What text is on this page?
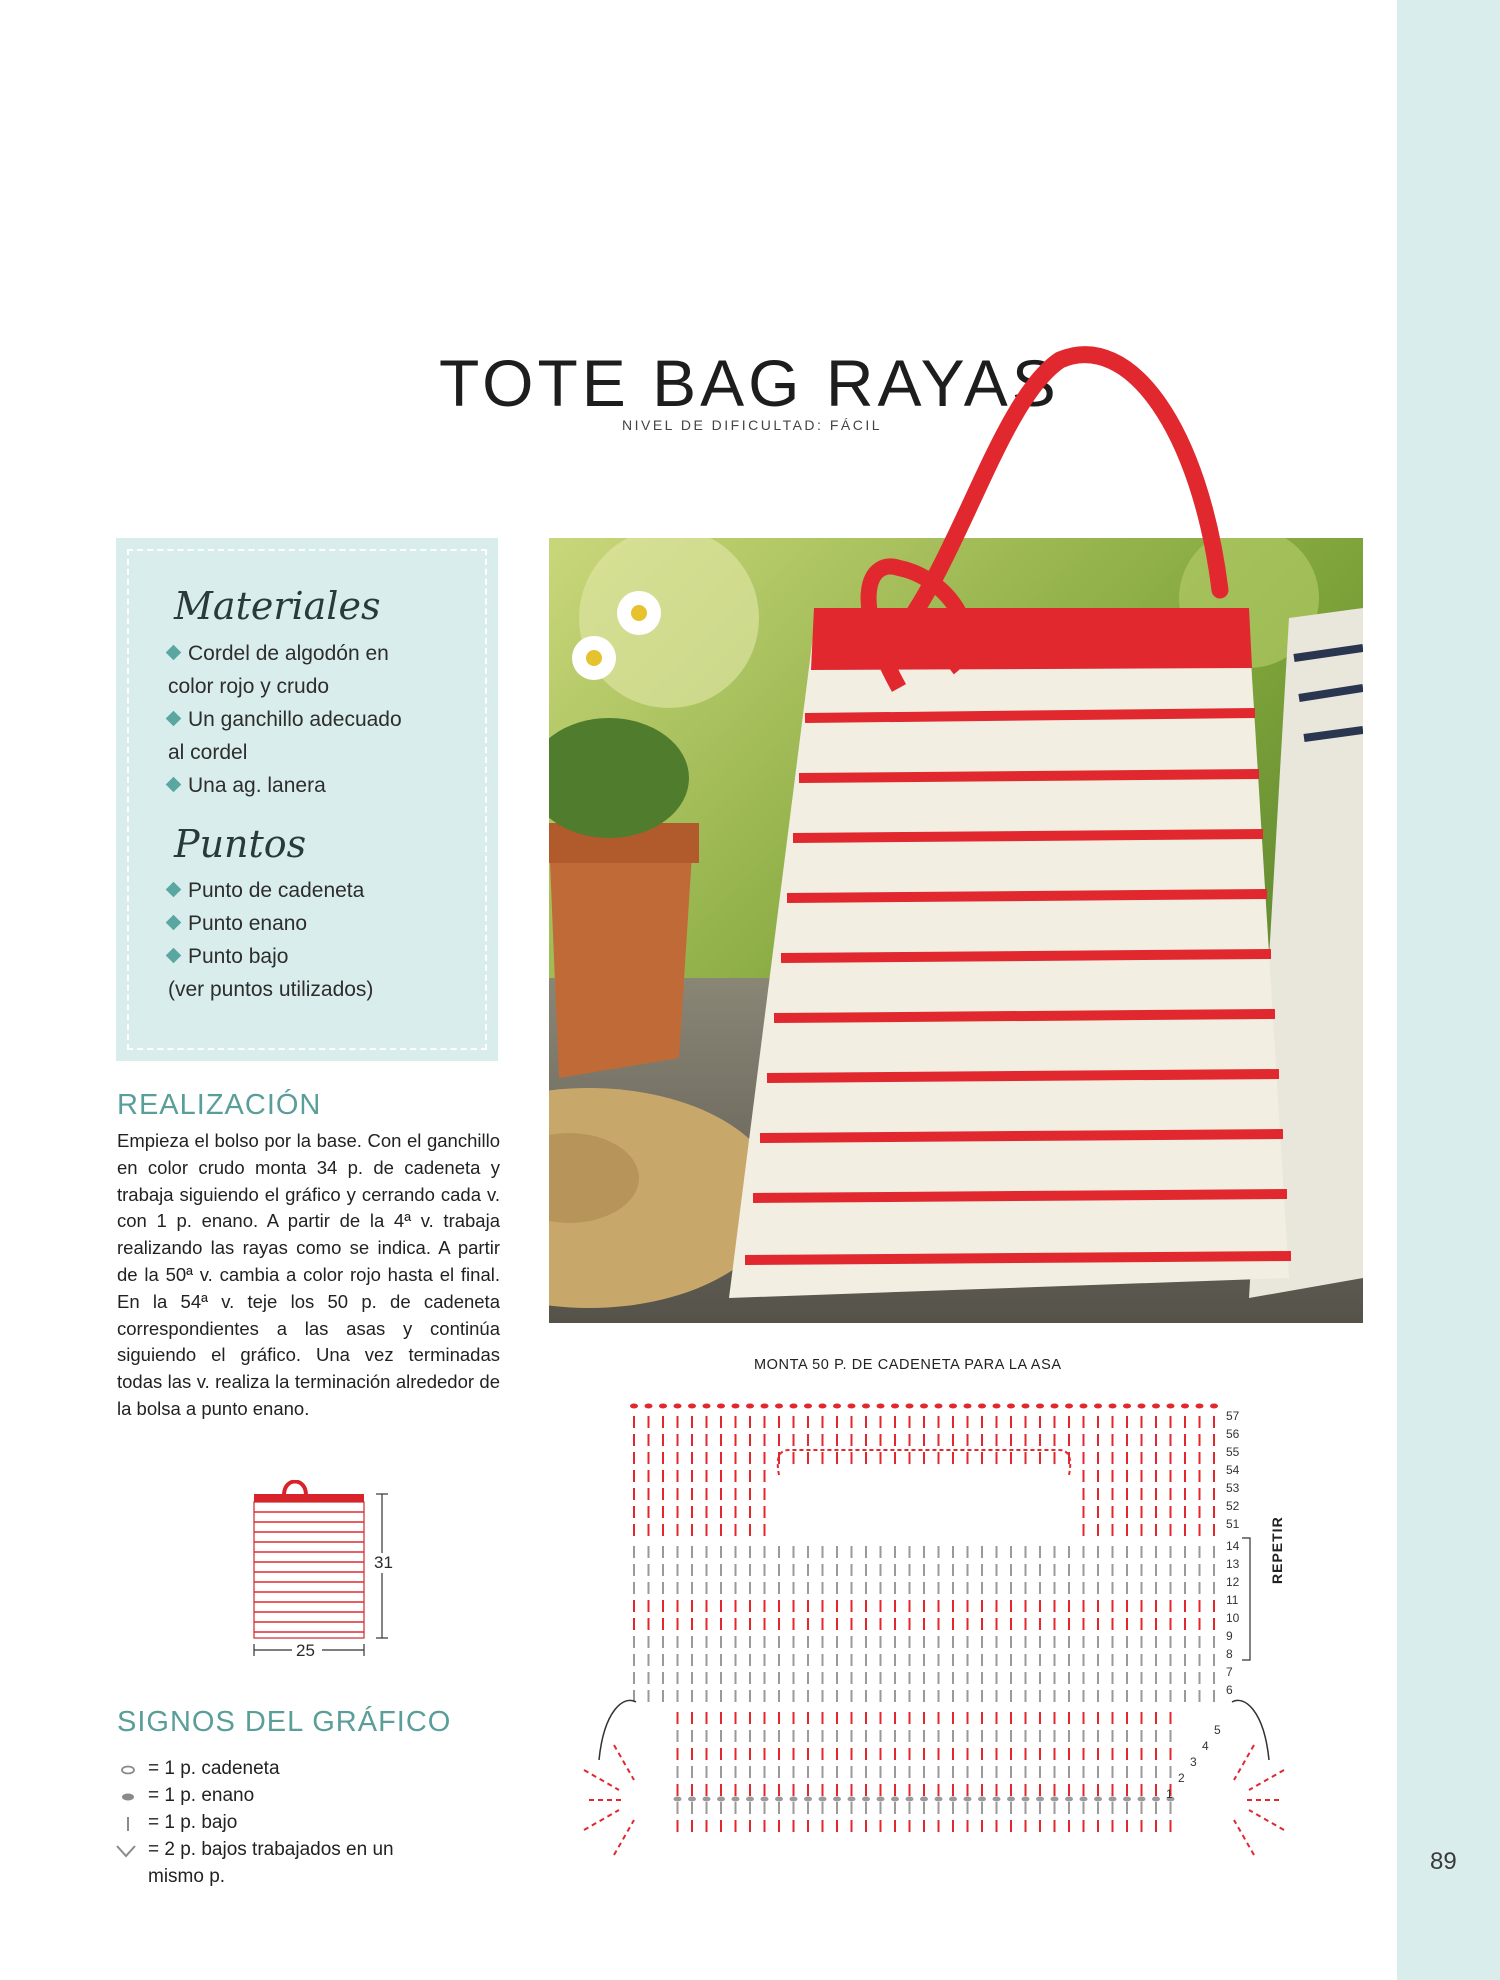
TOTE BAG RAYAS
NIVEL DE DIFICULTAD: FÁCIL
Materiales
Cordel de algodón en
color rojo y crudo
Un ganchillo adecuado
al cordel
Una ag. lanera
Puntos
Punto de cadeneta
Punto enano
Punto bajo
(ver puntos utilizados)
REALIZACIÓN

Empieza el bolso por la base. Con el ganchillo en color crudo monta 34 p. de cadeneta y trabaja siguiendo el gráfico y cerrando cada v. con 1 p. enano. A partir de la 4ª v. trabaja realizando las rayas como se indica. A partir de la 50ª v. cambia a color rojo hasta el final. En la 54ª v. teje los 50 p. de cadeneta correspondientes a las asas y continúa siguiendo el gráfico. Una vez terminadas todas las v. realiza la terminación alrededor de la bolsa a punto enano.

31
25
SIGNOS DEL GRÁFICO
= 1 p. cadeneta
= 1 p. enano
= 1 p. bajo
= 2 p. bajos trabajados en un
mismo p.
MONTA 50 P. DE CADENETA PARA LA ASA
57
56
55
54
53
52
51
14
13
12
11
10
9
8
7
6
5
4
3
2
1
REPETIR
89
